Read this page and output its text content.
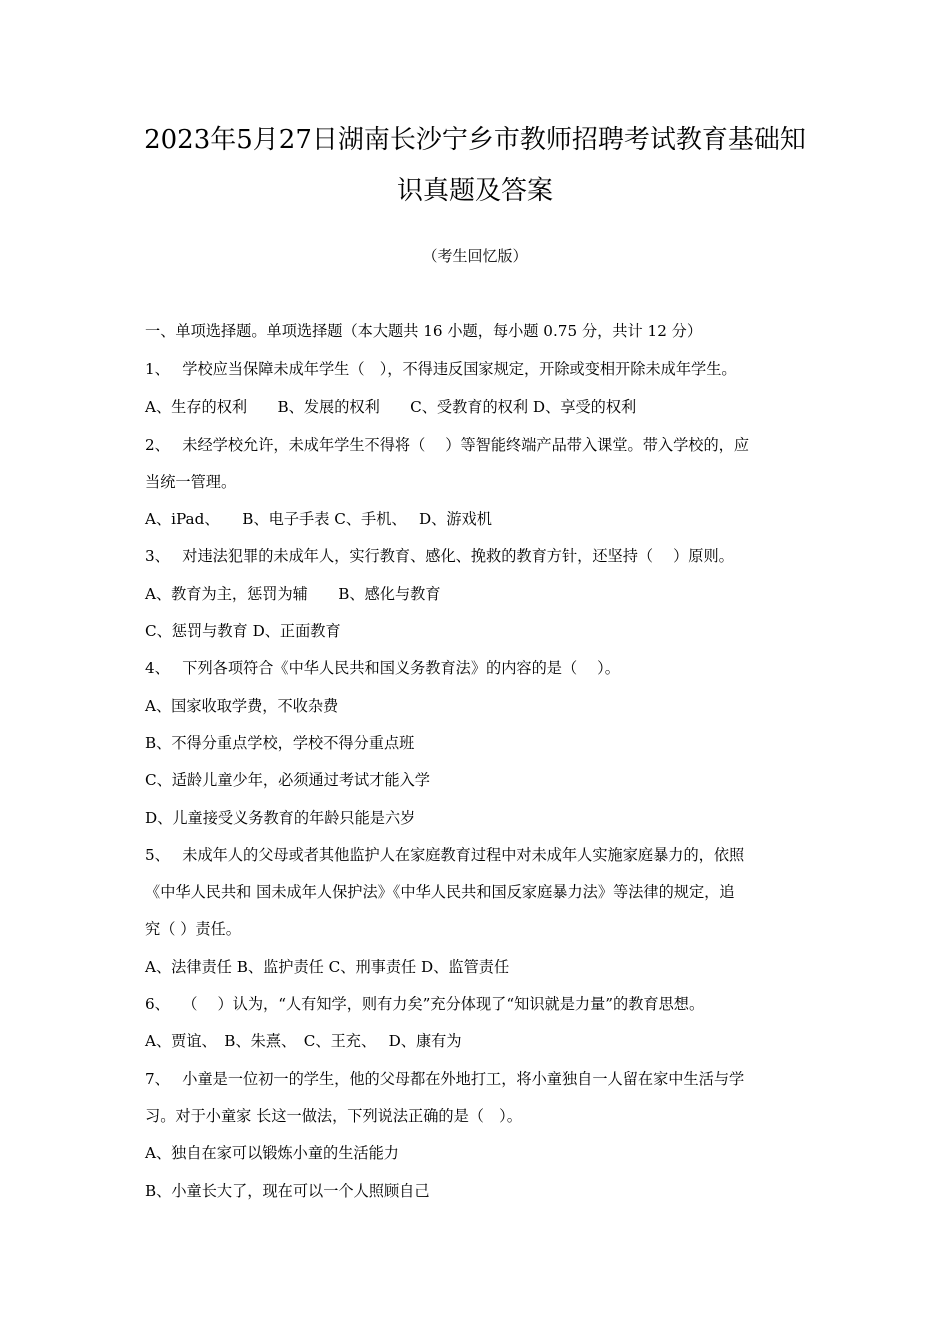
2023年5月27日湖南长沙宁乡市教师招聘考试教育基础知
识真题及答案
（考生回忆版）
一、单项选择题。单项选择题（本大题共 16 小题，每小题 0.75 分，共计 12 分）
1、　 学校应当保障未成年学生（　），不得违反国家规定，开除或变相开除未成年学生。
A、生存的权利　　B、发展的权利　　C、受教育的权利 D、享受的权利
2、　 未经学校允许，未成年学生不得将（　 ）等智能终端产品带入课堂。带入学校的，应
当统一管理。
A、iPad、　　B、电子手表 C、手机、　 D、游戏机
3、　 对违法犯罪的未成年人，实行教育、感化、挽救的教育方针，还坚持（　 ）原则。
A、教育为主，惩罚为辅　　B、感化与教育
C、惩罚与教育 D、正面教育
4、　 下列各项符合《中华人民共和国义务教育法》的内容的是（　 ）。
A、国家收取学费，不收杂费
B、不得分重点学校，学校不得分重点班
C、适龄儿童少年，必须通过考试才能入学
D、儿童接受义务教育的年龄只能是六岁
5、　 未成年人的父母或者其他监护人在家庭教育过程中对未成年人实施家庭暴力的，依照
《中华人民共和 国未成年人保护法》《中华人民共和国反家庭暴力法》等法律的规定，追
究（ ）责任。
A、法律责任 B、监护责任 C、刑事责任 D、监管责任
6、　 （　 ）认为，“人有知学，则有力矣”充分体现了“知识就是力量”的教育思想。
A、贾谊、　B、朱熹、　C、王充、　 D、康有为
7、　 小童是一位初一的学生，他的父母都在外地打工，将小童独自一人留在家中生活与学
习。对于小童家 长这一做法，下列说法正确的是（　）。
A、独自在家可以锻炼小童的生活能力
B、小童长大了，现在可以一个人照顾自己
